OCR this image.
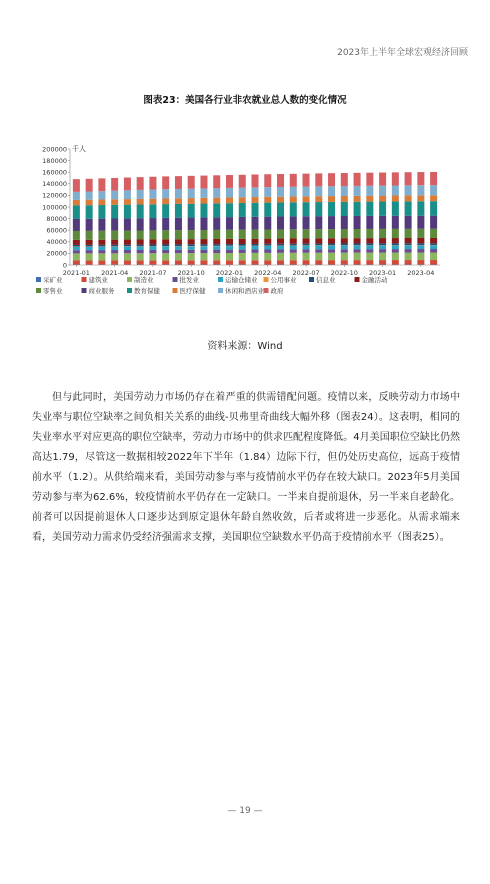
2023年上半年全球宏观经济回顾
图表23：美国各行业非农就业总人数的变化情况
0
20000
40000
60000
80000
100000
120000
140000
160000
180000
200000
2021-01 2021-04 2021-07 2021-10 2022-01 2022-04 2022-07 2022-10 2023-01 2023-04
千人
采矿业	建筑业	制造业	批发业	运输仓储业 公用事业	信息业	金融活动
零售业	商业服务	教育保健	医疗保健	休闲和酒店业 政府
资料来源：Wind

但与此同时，美国劳动力市场仍存在着严重的供需错配问题。疫情以来，反映劳动力市场中失业率与职位空缺率之间负相关关系的曲线-贝弗里奇曲线大幅外移（图表24）。这表明，相同的失业率水平对应更高的职位空缺率，劳动力市场中的供求匹配程度降低。4月美国职位空缺比仍然高达1.79，尽管这一数据相较2022年下半年（1.84）边际下行，但仍处历史高位，远高于疫情前水平（1.2）。从供给端来看，美国劳动参与率与疫情前水平仍存在较大缺口。2023年5月美国劳动参与率为62.6%，较疫情前水平仍存在一定缺口。一半来自提前退休，另一半来自老龄化。前者可以因提前退休人口逐步达到原定退休年龄自然收敛，后者或将进一步恶化。从需求端来看，美国劳动力需求仍受经济强需求支撑，美国职位空缺数水平仍高于疫情前水平（图表25）。

— 19 —
